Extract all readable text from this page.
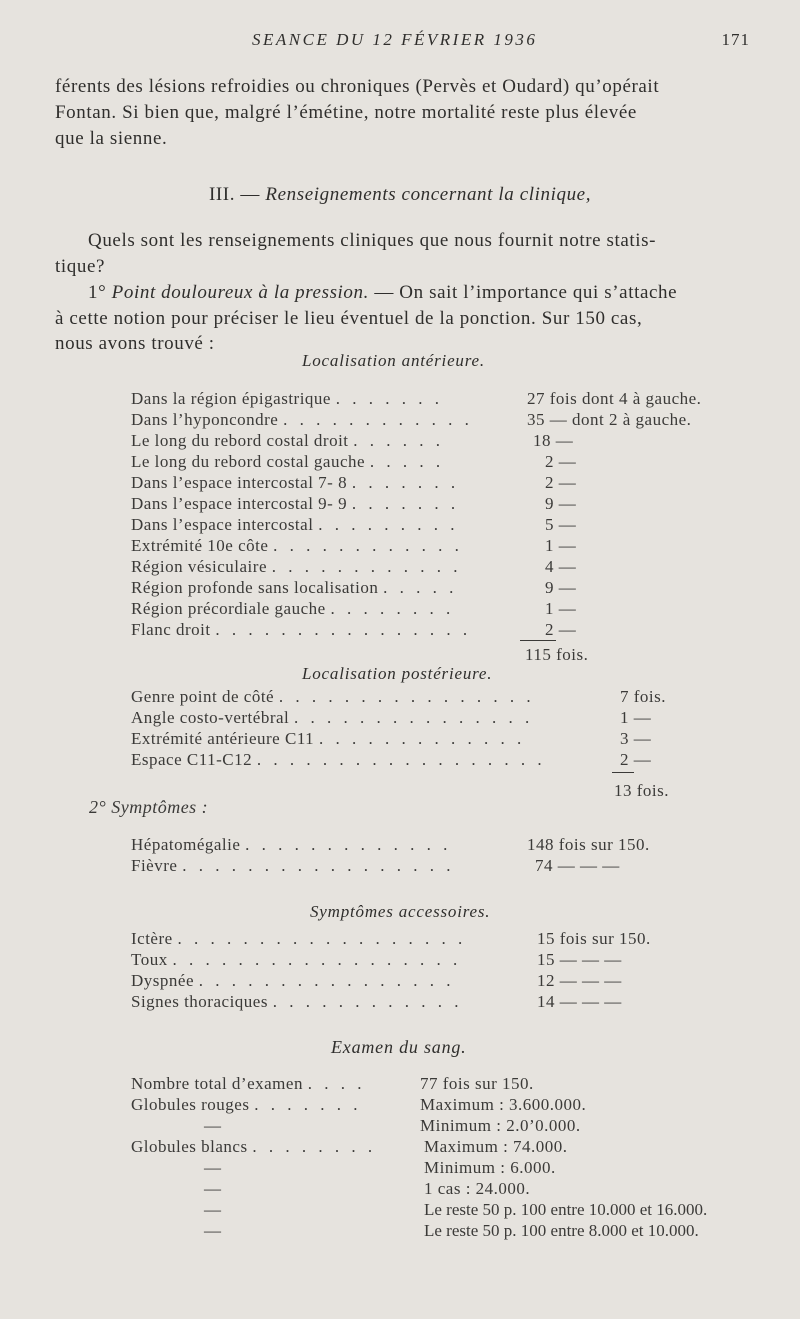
SEANCE DU 12 FÉVRIER 1936	171
férents des lésions refroidies ou chroniques (Pervès et Oudard) qu’opérait
Fontan. Si bien que, malgré l’émétine, notre mortalité reste plus élevée
que la sienne.
III. — Renseignements concernant la clinique,
Quels sont les renseignements cliniques que nous fournit notre statis-
tique?
1° Point douloureux à la pression. — On sait l’importance qui s’attache
à cette notion pour préciser le lieu éventuel de la ponction. Sur 150 cas,
nous avons trouvé :
Localisation antérieure.
Dans la région épigastrique . . . . . . .	27 fois dont 4 à gauche.
Dans l’hyponcondre . . . . . . . . . . . .	35 — dont 2 à gauche.
Le long du rebord costal droit . . . . . .	18 —
Le long du rebord costal gauche . . . . .	2 —
Dans l’espace intercostal 7- 8 . . . . . . .	2 —
Dans l’espace intercostal 9- 9 . . . . . . .	9 —
Dans l’espace intercostal . . . . . . . . .	5 —
Extrémité 10e côte . . . . . . . . . . . .	1 —
Région vésiculaire . . . . . . . . . . . .	4 —
Région profonde sans localisation . . . . .	9 —
Région précordiale gauche . . . . . . . .	1 —
Flanc droit . . . . . . . . . . . . . . . .	2 —
115 fois.
Localisation postérieure.
Genre point de côté . . . . . . . . . . . . . . . .	7 fois.
Angle costo-vertébral . . . . . . . . . . . . . . .	1 —
Extrémité antérieure C11 . . . . . . . . . . . . .	3 —
Espace C11-C12 . . . . . . . . . . . . . . . . . .	2 —
13 fois.
2° Symptômes :
Hépatomégalie . . . . . . . . . . . . .	148 fois sur 150.
Fièvre . . . . . . . . . . . . . . . . .	74 — — —
Symptômes accessoires.
Ictère . . . . . . . . . . . . . . . . . .	15 fois sur 150.
Toux . . . . . . . . . . . . . . . . . .	15 — — —
Dyspnée . . . . . . . . . . . . . . . .	12 — — —
Signes thoraciques . . . . . . . . . . . .	14 — — —
Examen du sang.
Nombre total d’examen . . . .	77 fois sur 150.
Globules rouges . . . . . . .	Maximum : 3.600.000.
—	Minimum : 2.0’0.000.
Globules blancs . . . . . . . .	Maximum : 74.000.
—	Minimum : 6.000.
—	1 cas : 24.000.
—	Le reste 50 p. 100 entre 10.000 et 16.000.
—	Le reste 50 p. 100 entre 8.000 et 10.000.
